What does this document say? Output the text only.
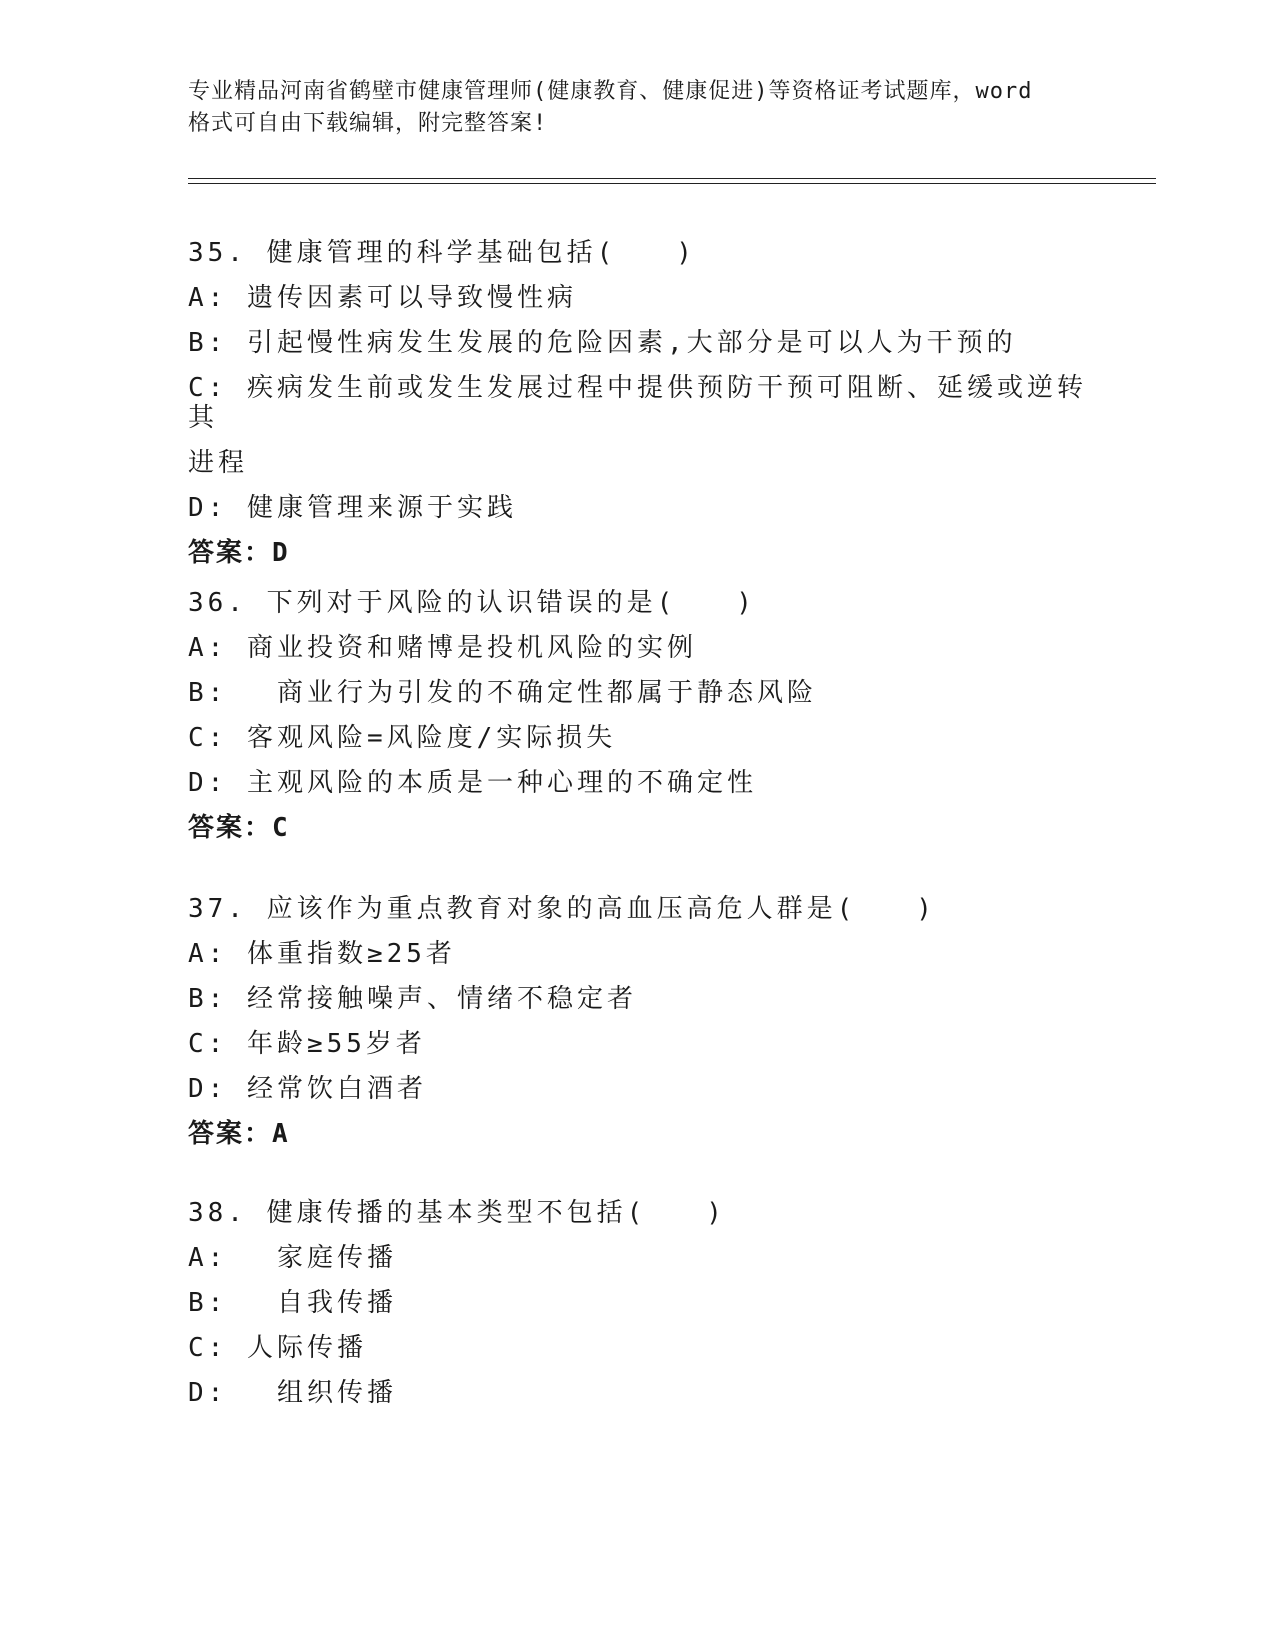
专业精品河南省鹤壁市健康管理师(健康教育、健康促进)等资格证考试题库，word
格式可自由下载编辑，附完整答案!
35. 健康管理的科学基础包括(　　)
A: 遗传因素可以导致慢性病
B: 引起慢性病发生发展的危险因素,大部分是可以人为干预的
C: 疾病发生前或发生发展过程中提供预防干预可阻断、延缓或逆转其
进程
D: 健康管理来源于实践
答案：D
36. 下列对于风险的认识错误的是(　　)
A: 商业投资和赌博是投机风险的实例
B: 　商业行为引发的不确定性都属于静态风险
C: 客观风险=风险度/实际损失
D: 主观风险的本质是一种心理的不确定性
答案：C
37. 应该作为重点教育对象的高血压高危人群是(　　)
A: 体重指数≥25者
B: 经常接触噪声、情绪不稳定者
C: 年龄≥55岁者
D: 经常饮白酒者
答案：A
38. 健康传播的基本类型不包括(　　)
A: 　家庭传播
B: 　自我传播
C: 人际传播
D: 　组织传播
